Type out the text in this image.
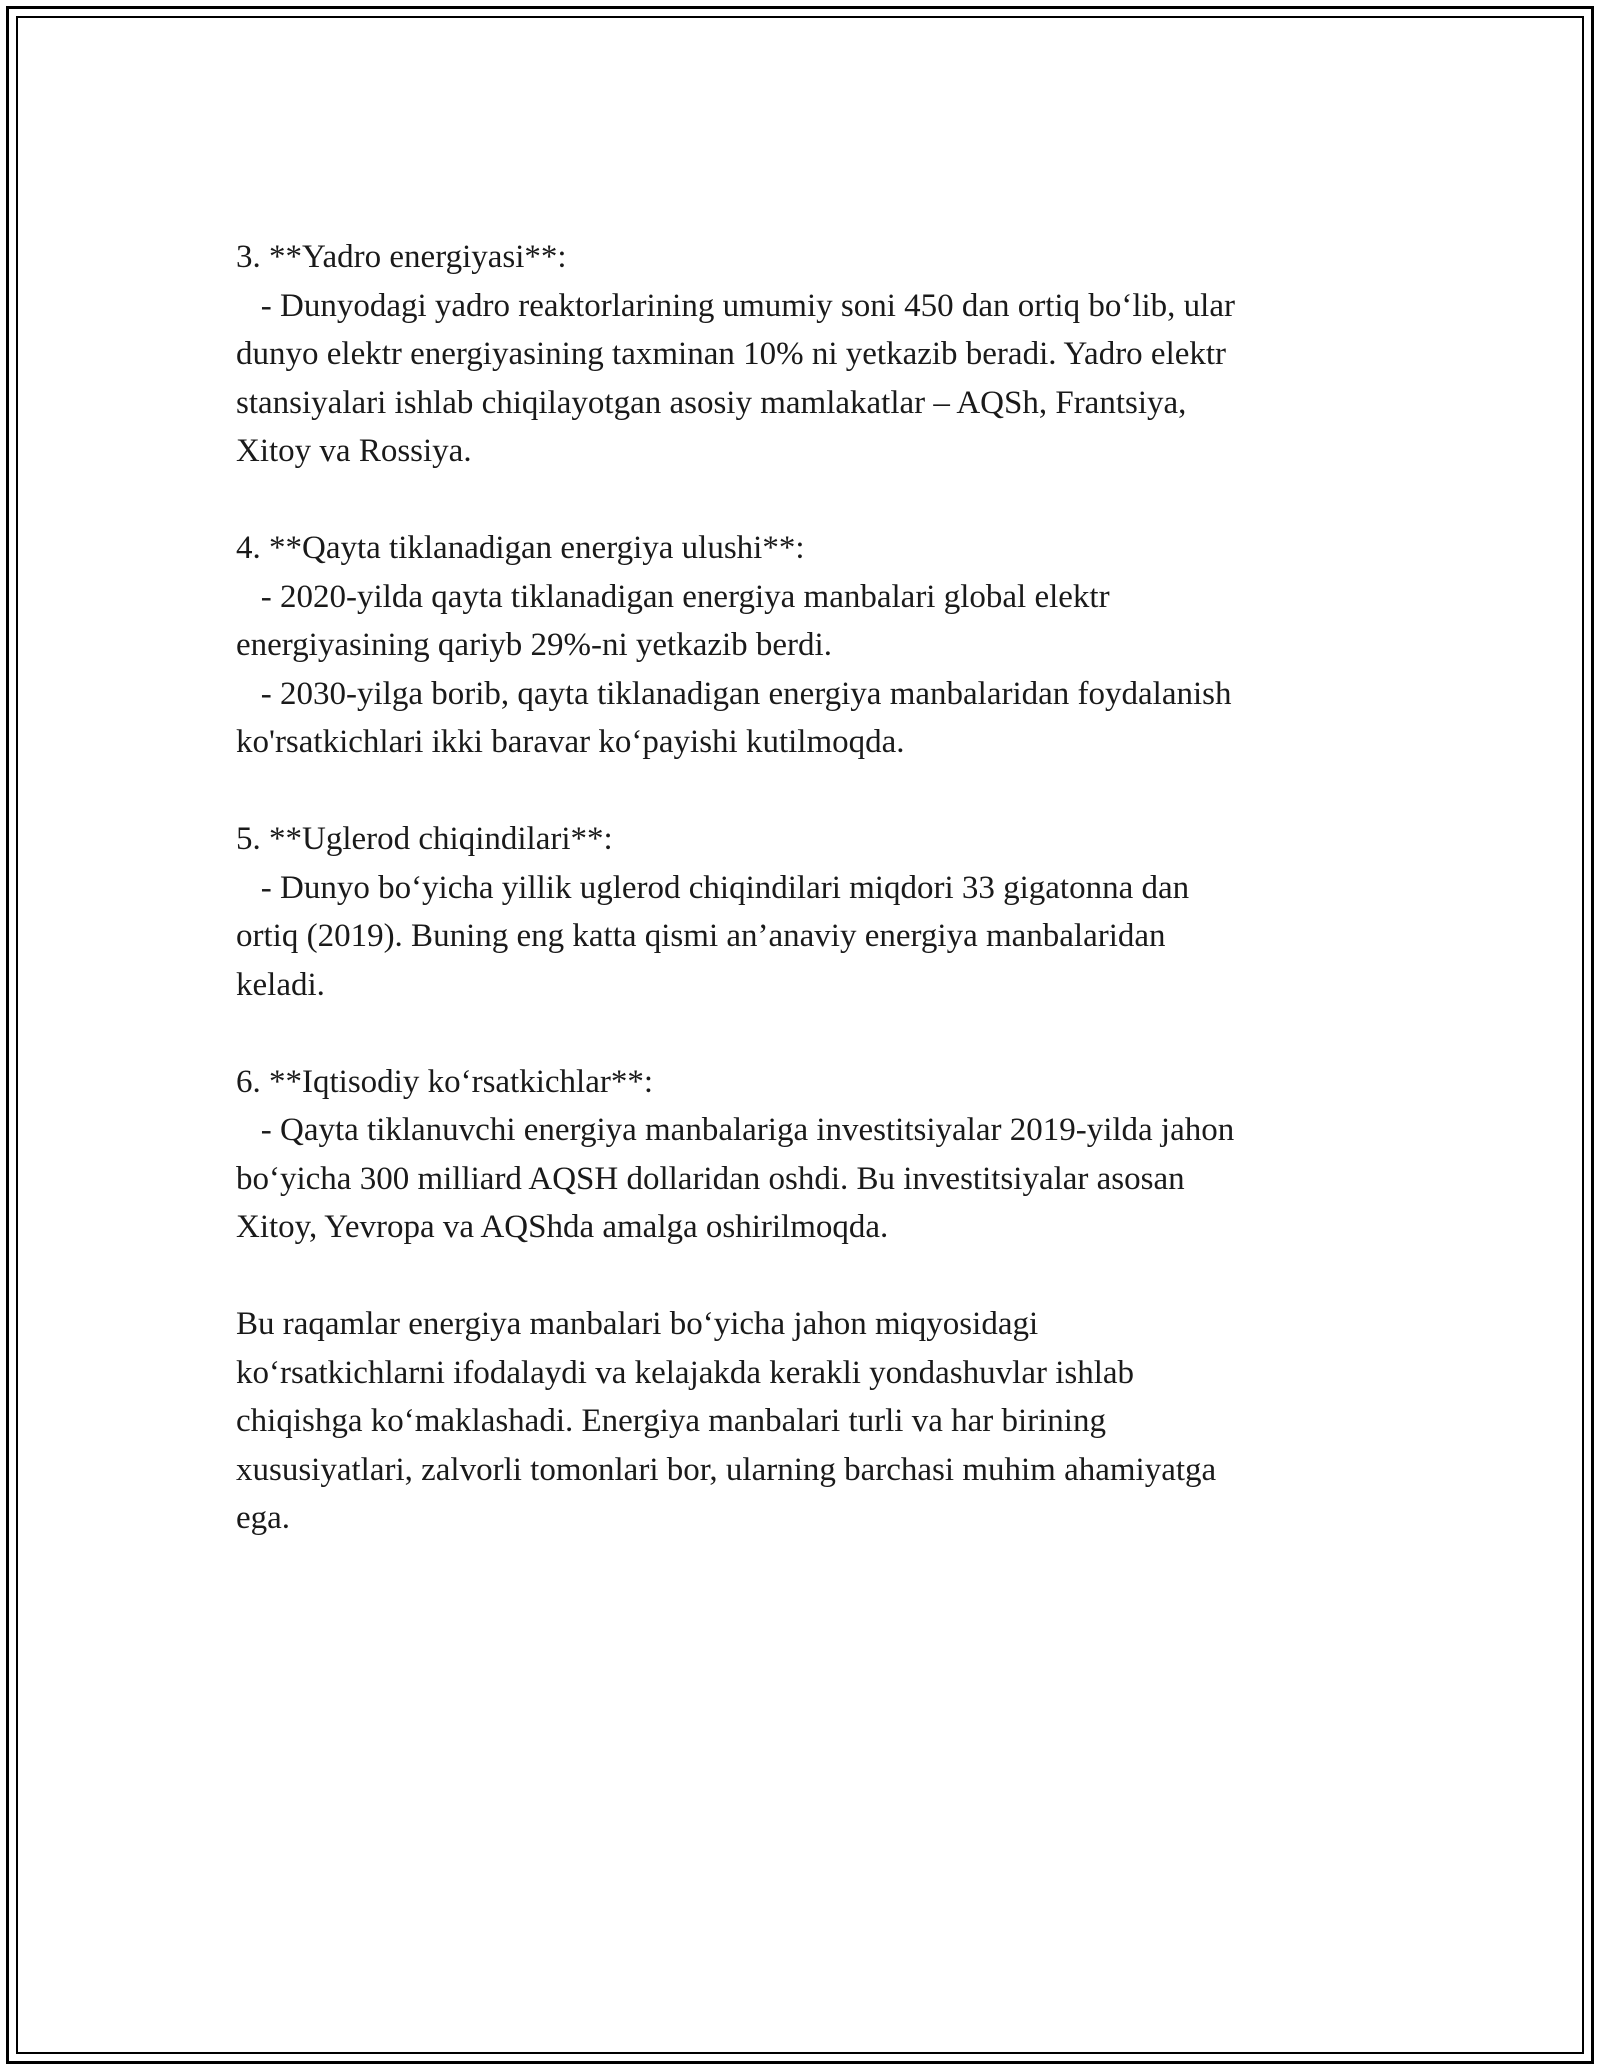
3. **Yadro energiyasi**:
- Dunyodagi yadro reaktorlarining umumiy soni 450 dan ortiq bo‘lib, ular
dunyo elektr energiyasining taxminan 10% ni yetkazib beradi. Yadro elektr
stansiyalari ishlab chiqilayotgan asosiy mamlakatlar – AQSh, Frantsiya,
Xitoy va Rossiya.
4. **Qayta tiklanadigan energiya ulushi**:
- 2020-yilda qayta tiklanadigan energiya manbalari global elektr
energiyasining qariyb 29%-ni yetkazib berdi.
- 2030-yilga borib, qayta tiklanadigan energiya manbalaridan foydalanish
ko'rsatkichlari ikki baravar ko‘payishi kutilmoqda.
5. **Uglerod chiqindilari**:
- Dunyo bo‘yicha yillik uglerod chiqindilari miqdori 33 gigatonna dan
ortiq (2019). Buning eng katta qismi an’anaviy energiya manbalaridan
keladi.
6. **Iqtisodiy ko‘rsatkichlar**:
- Qayta tiklanuvchi energiya manbalariga investitsiyalar 2019-yilda jahon
bo‘yicha 300 milliard AQSH dollaridan oshdi. Bu investitsiyalar asosan
Xitoy, Yevropa va AQShda amalga oshirilmoqda.
Bu raqamlar energiya manbalari bo‘yicha jahon miqyosidagi
ko‘rsatkichlarni ifodalaydi va kelajakda kerakli yondashuvlar ishlab
chiqishga ko‘maklashadi. Energiya manbalari turli va har birining
xususiyatlari, zalvorli tomonlari bor, ularning barchasi muhim ahamiyatga
ega.
